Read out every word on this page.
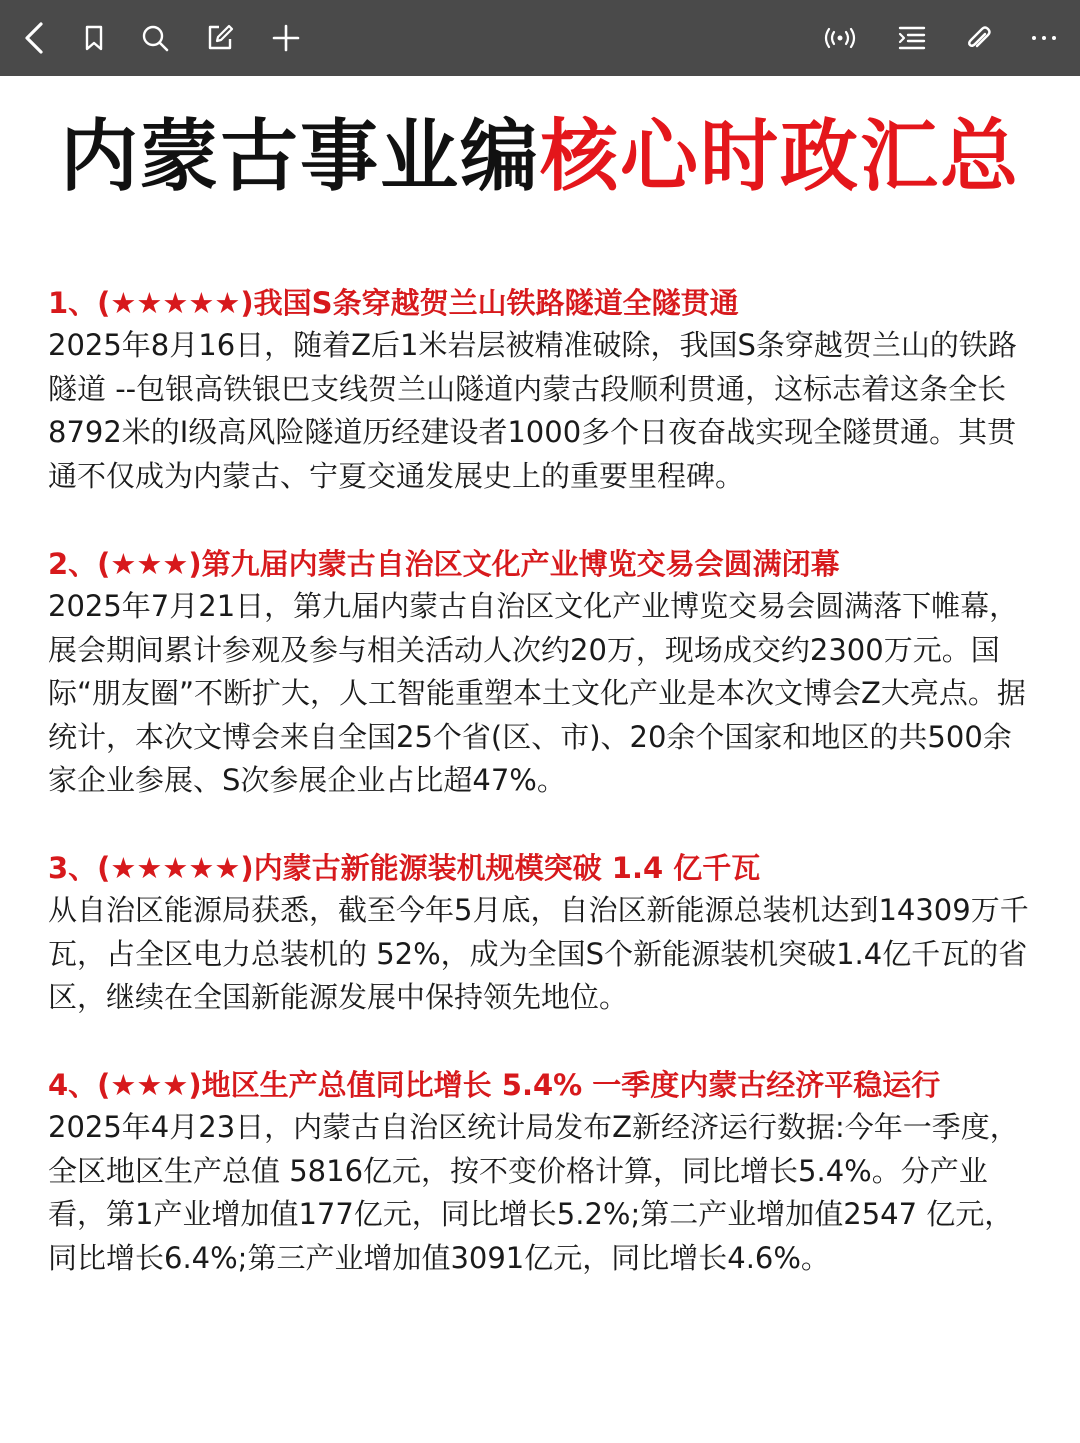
内蒙古事业编核心时政汇总
1、(★★★★★)我国S条穿越贺兰山铁路隧道全隧贯通
2025年8月16日，随着Z后1米岩层被精准破除，我国S条穿越贺兰山的铁路隧道 --包银高铁银巴支线贺兰山隧道内蒙古段顺利贯通，这标志着这条全长8792米的I级高风险隧道历经建设者1000多个日夜奋战实现全隧贯通。其贯通不仅成为内蒙古、宁夏交通发展史上的重要里程碑。
2、(★★★)第九届内蒙古自治区文化产业博览交易会圆满闭幕
2025年7月21日，第九届内蒙古自治区文化产业博览交易会圆满落下帷幕，展会期间累计参观及参与相关活动人次约20万，现场成交约2300万元。国际“朋友圈”不断扩大，人工智能重塑本土文化产业是本次文博会Z大亮点。据统计，本次文博会来自全国25个省(区、市)、20余个国家和地区的共500余家企业参展、S次参展企业占比超47%。
3、(★★★★★)内蒙古新能源装机规模突破 1.4 亿千瓦
从自治区能源局获悉，截至今年5月底，自治区新能源总装机达到14309万千瓦，占全区电力总装机的 52%，成为全国S个新能源装机突破1.4亿千瓦的省区，继续在全国新能源发展中保持领先地位。
4、(★★★)地区生产总值同比增长 5.4% 一季度内蒙古经济平稳运行
2025年4月23日，内蒙古自治区统计局发布Z新经济运行数据:今年一季度，全区地区生产总值 5816亿元，按不变价格计算，同比增长5.4%。分产业看，第1产业增加值177亿元，同比增长5.2%;第二产业增加值2547 亿元，同比增长6.4%;第三产业增加值3091亿元，同比增长4.6%。
